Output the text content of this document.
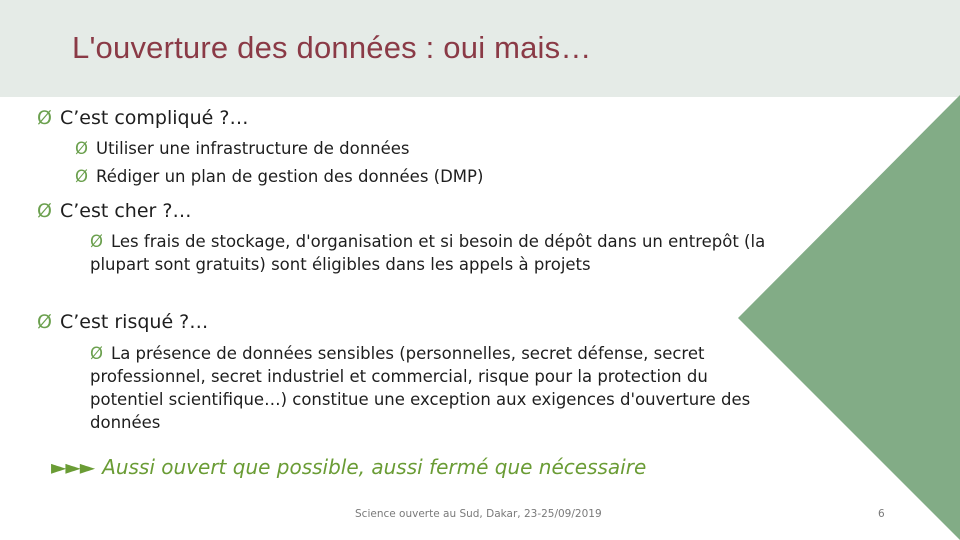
L'ouverture des données : oui mais…
Ø C’est compliqué ?…
Ø Utiliser une infrastructure de données
Ø Rédiger un plan de gestion des données (DMP)
Ø C’est cher ?…
Ø Les frais de stockage, d'organisation et si besoin de dépôt dans un entrepôt (la plupart sont gratuits) sont éligibles dans les appels à projets
Ø C’est risqué ?…
Ø La présence de données sensibles (personnelles, secret défense, secret professionnel, secret industriel et commercial, risque pour la protection du potentiel scientifique…) constitue une exception aux exigences d'ouverture des données
►►► Aussi ouvert que possible, aussi fermé que nécessaire
Science ouverte au Sud, Dakar, 23-25/09/2019	6
